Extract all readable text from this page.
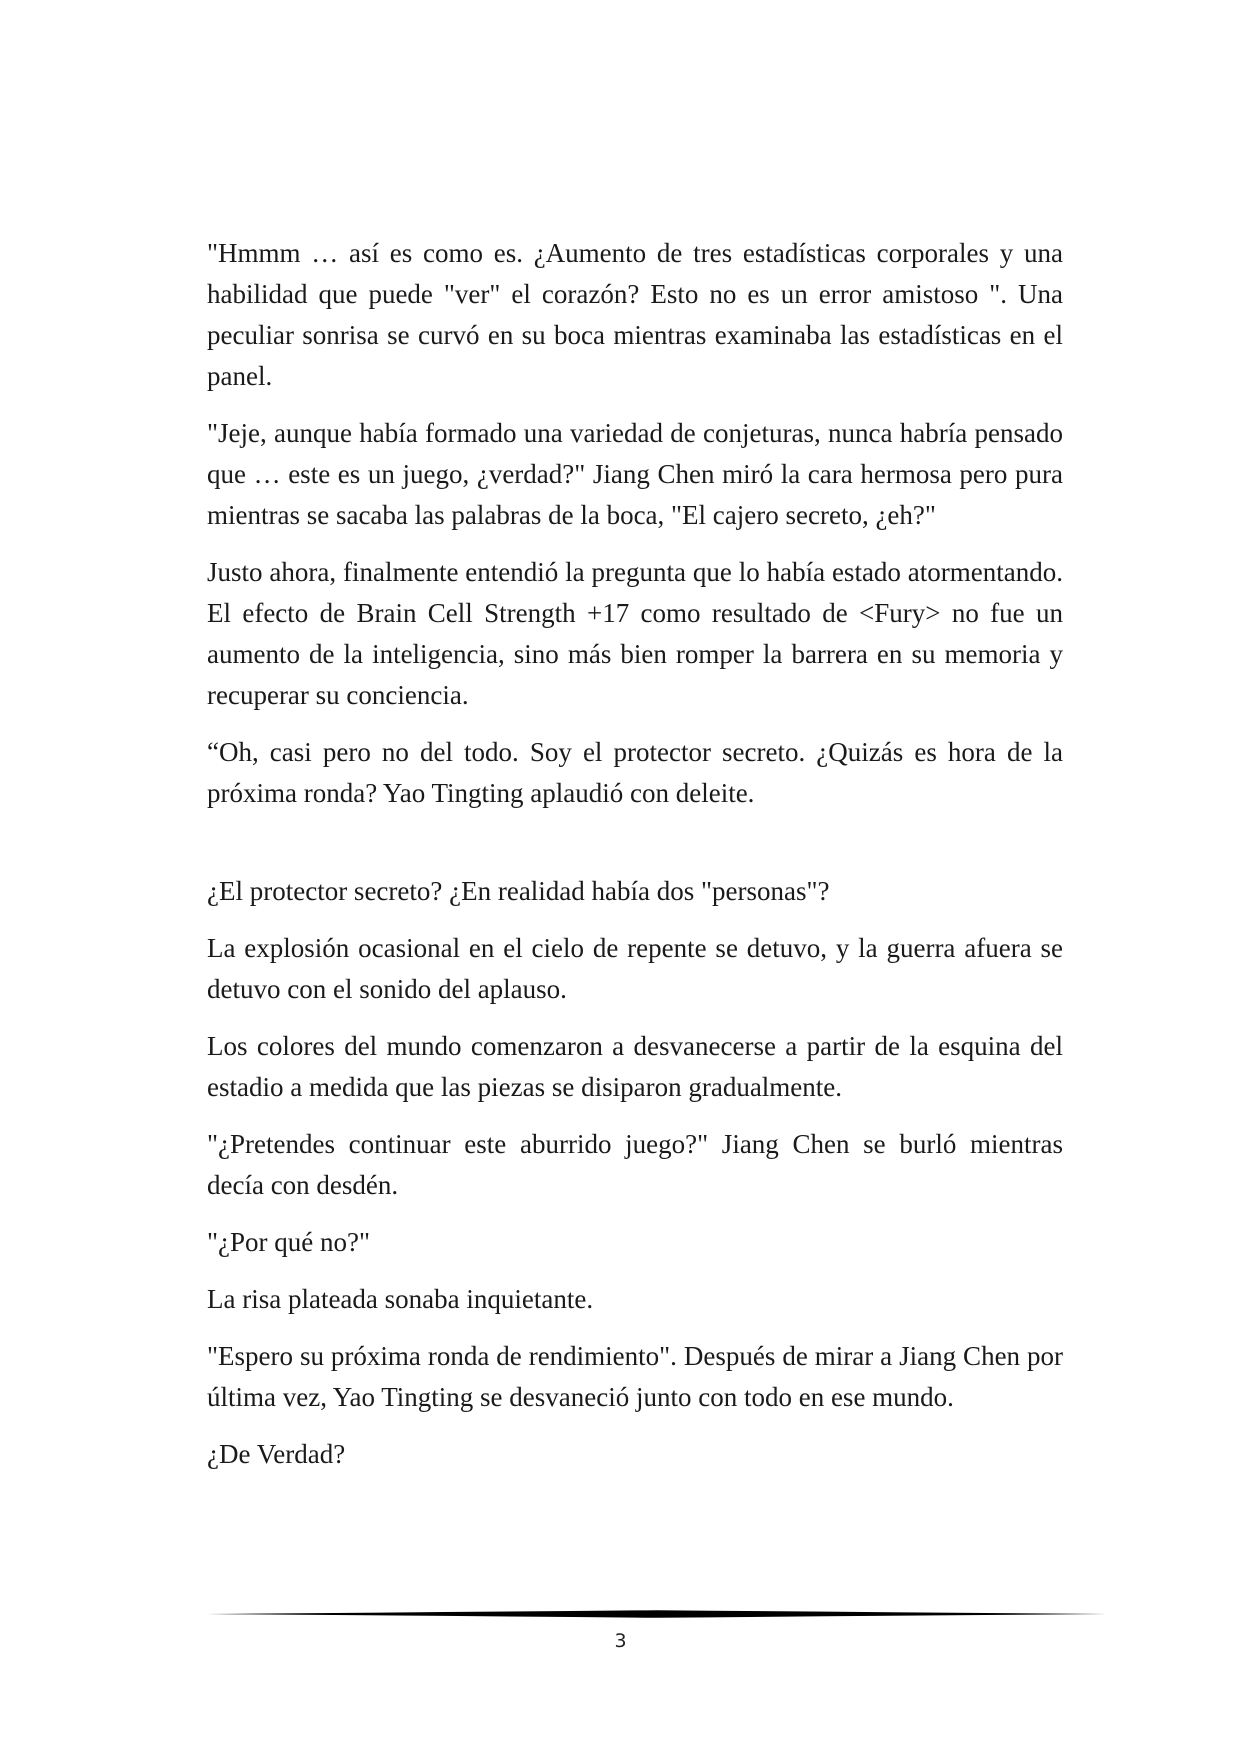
"Hmmm … así es como es. ¿Aumento de tres estadísticas corporales y una habilidad que puede "ver" el corazón? Esto no es un error amistoso ". Una peculiar sonrisa se curvó en su boca mientras examinaba las estadísticas en el panel.

"Jeje, aunque había formado una variedad de conjeturas, nunca habría pensado que … este es un juego, ¿verdad?" Jiang Chen miró la cara hermosa pero pura mientras se sacaba las palabras de la boca, "El cajero secreto, ¿eh?"

Justo ahora, finalmente entendió la pregunta que lo había estado atormentando. El efecto de Brain Cell Strength +17 como resultado de <Fury> no fue un aumento de la inteligencia, sino más bien romper la barrera en su memoria y recuperar su conciencia.

“Oh, casi pero no del todo. Soy el protector secreto. ¿Quizás es hora de la próxima ronda? Yao Tingting aplaudió con deleite.

¿El protector secreto? ¿En realidad había dos "personas"?

La explosión ocasional en el cielo de repente se detuvo, y la guerra afuera se detuvo con el sonido del aplauso.

Los colores del mundo comenzaron a desvanecerse a partir de la esquina del estadio a medida que las piezas se disiparon gradualmente.

"¿Pretendes continuar este aburrido juego?" Jiang Chen se burló mientras decía con desdén.

"¿Por qué no?"

La risa plateada sonaba inquietante.

"Espero su próxima ronda de rendimiento". Después de mirar a Jiang Chen por última vez, Yao Tingting se desvaneció junto con todo en ese mundo.

¿De Verdad?

3
